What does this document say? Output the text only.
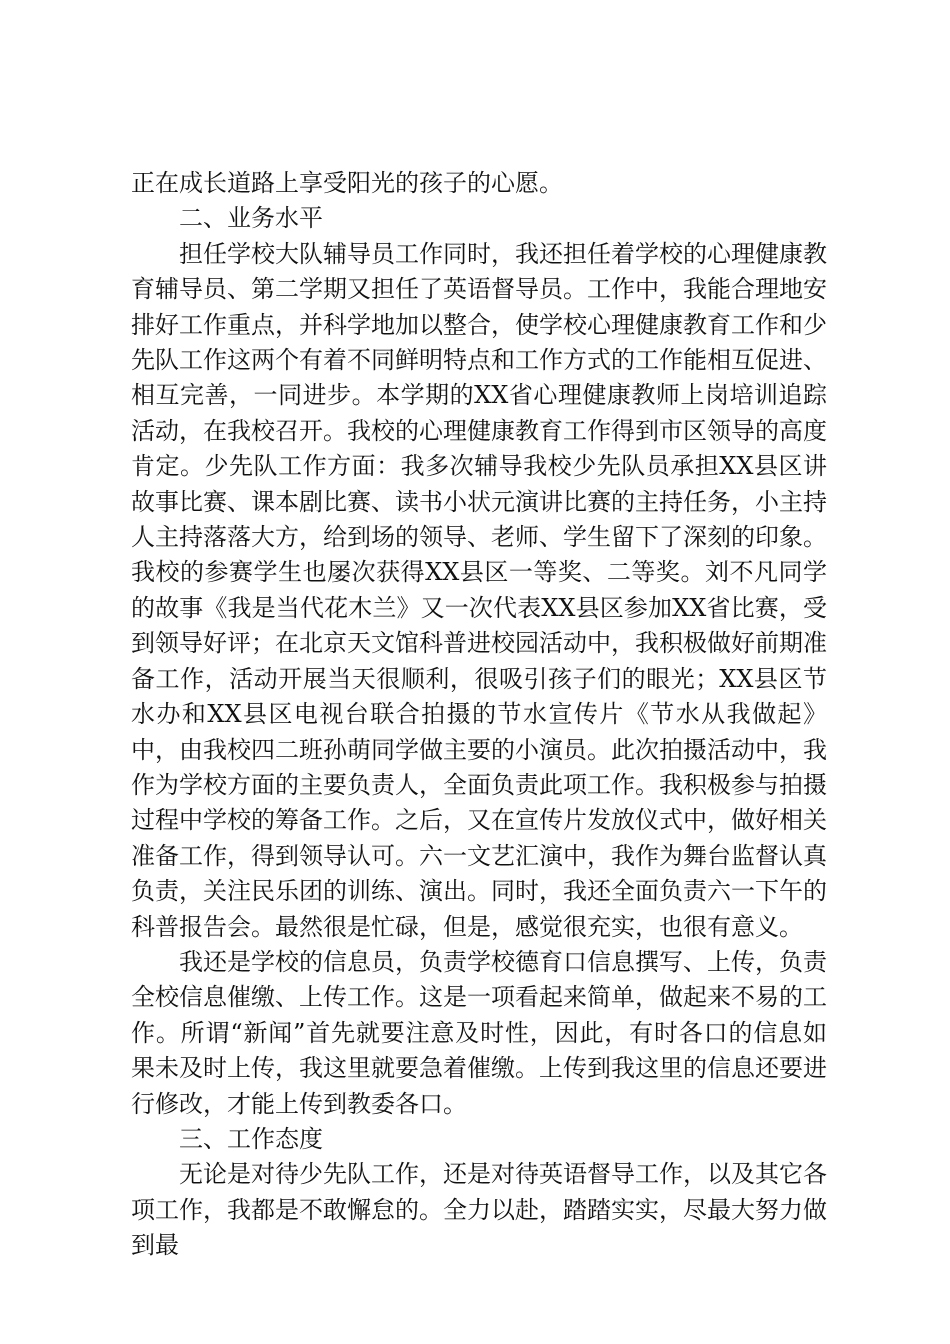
正在成长道路上享受阳光的孩子的心愿。

二、业务水平

担任学校大队辅导员工作同时，我还担任着学校的心理健康教育辅导员、第二学期又担任了英语督导员。工作中，我能合理地安排好工作重点，并科学地加以整合，使学校心理健康教育工作和少先队工作这两个有着不同鲜明特点和工作方式的工作能相互促进、相互完善，一同进步。本学期的XX省心理健康教师上岗培训追踪活动，在我校召开。我校的心理健康教育工作得到市区领导的高度肯定。少先队工作方面：我多次辅导我校少先队员承担XX县区讲故事比赛、课本剧比赛、读书小状元演讲比赛的主持任务，小主持人主持落落大方，给到场的领导、老师、学生留下了深刻的印象。我校的参赛学生也屡次获得XX县区一等奖、二等奖。刘不凡同学的故事《我是当代花木兰》又一次代表XX县区参加XX省比赛，受到领导好评；在北京天文馆科普进校园活动中，我积极做好前期准备工作，活动开展当天很顺利，很吸引孩子们的眼光；XX县区节水办和XX县区电视台联合拍摄的节水宣传片《节水从我做起》中，由我校四二班孙萌同学做主要的小演员。此次拍摄活动中，我作为学校方面的主要负责人，全面负责此项工作。我积极参与拍摄过程中学校的筹备工作。之后，又在宣传片发放仪式中，做好相关准备工作，得到领导认可。六一文艺汇演中，我作为舞台监督认真负责，关注民乐团的训练、演出。同时，我还全面负责六一下午的科普报告会。最然很是忙碌，但是，感觉很充实，也很有意义。

我还是学校的信息员，负责学校德育口信息撰写、上传，负责全校信息催缴、上传工作。这是一项看起来简单，做起来不易的工作。所谓“新闻”首先就要注意及时性，因此，有时各口的信息如果未及时上传，我这里就要急着催缴。上传到我这里的信息还要进行修改，才能上传到教委各口。

三、工作态度

无论是对待少先队工作，还是对待英语督导工作，以及其它各项工作，我都是不敢懈怠的。全力以赴，踏踏实实，尽最大努力做到最
